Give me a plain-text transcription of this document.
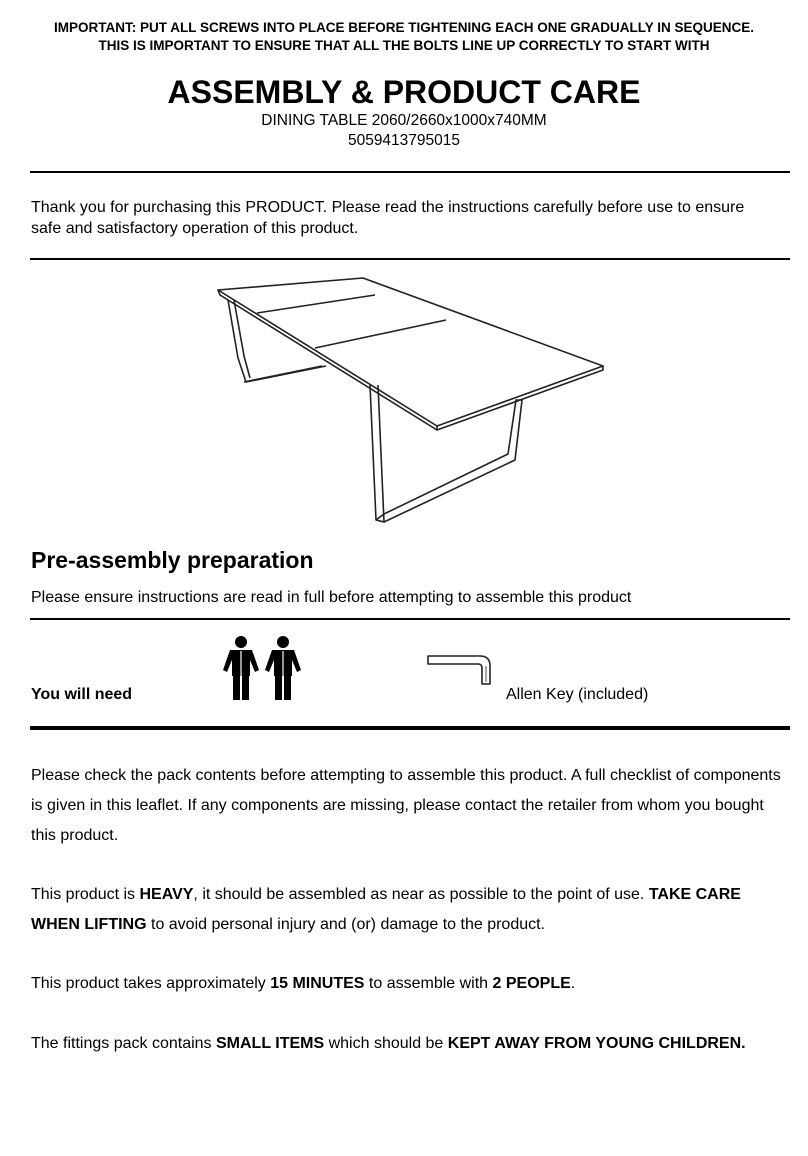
IMPORTANT: PUT ALL SCREWS INTO PLACE BEFORE TIGHTENING EACH ONE GRADUALLY IN SEQUENCE.
THIS IS IMPORTANT TO ENSURE THAT ALL THE BOLTS LINE UP CORRECTLY TO START WITH
ASSEMBLY & PRODUCT CARE
DINING TABLE 2060/2660x1000x740MM
5059413795015

Thank you for purchasing this PRODUCT. Please read the instructions carefully before use to ensure safe and satisfactory operation of this product.

Pre-assembly preparation
Please ensure instructions are read in full before attempting to assemble this product
You will need	Allen Key (included)

Please check the pack contents before attempting to assemble this product. A full checklist of components is given in this leaflet. If any components are missing, please contact the retailer from whom you bought this product.

This product is HEAVY, it should be assembled as near as possible to the point of use. TAKE CARE WHEN LIFTING to avoid personal injury and (or) damage to the product.

This product takes approximately 15 MINUTES to assemble with 2 PEOPLE.

The fittings pack contains SMALL ITEMS which should be KEPT AWAY FROM YOUNG CHILDREN.
